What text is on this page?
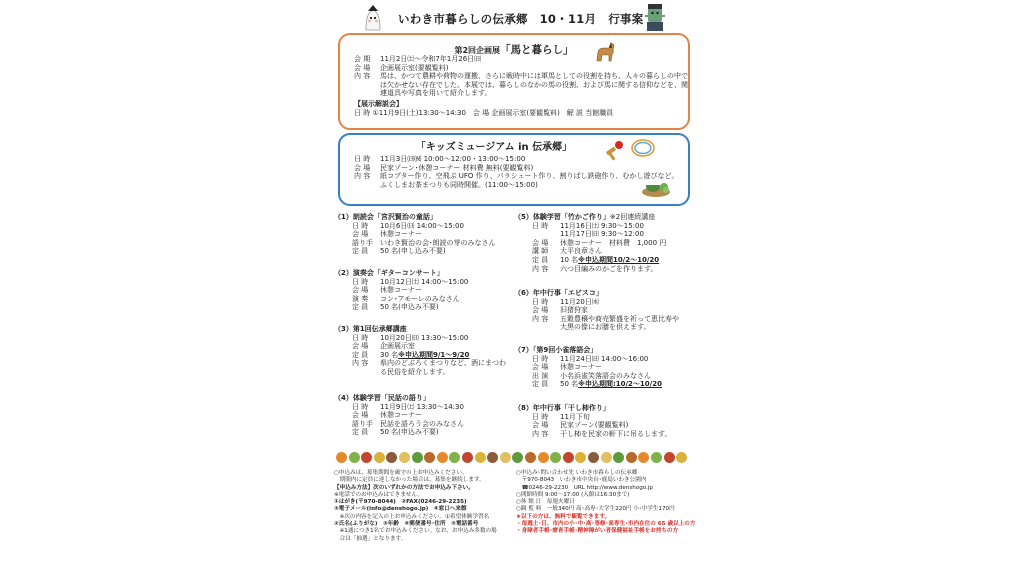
いわき市暮らしの伝承郷　10・11月　行事案
第2回企画展「馬と暮らし」
会 期 11月2日㈯～令和7年1月26日㈰
会 場 企画展示室(要観覧料)
内 容 馬は、かつて農耕や荷物の運搬、さらに戦時中には軍馬としての役割を持ち、人々の暮らしの中で
は欠かせない存在でした。本展では、暮らしのなかの馬の役割、および馬に関する信仰などを、関
連道具や写真を用いて紹介します。
【展示解説会】
日 時 ①11月9日(土)13:30～14:30　会 場 企画展示室(要観覧料)　解 説 当館職員
「キッズミュージアム in 伝承郷」
日 時 11月3日㈰㈷ 10:00～12:00・13:00～15:00
会 場 民家ゾーン･休憩コーナー 材料費 無料(要観覧料)
内 容 紙コプター作り、空飛ぶ UFO 作り、パラシュート作り、割りばし鉄砲作り、むかし遊びなど。
ふくしまお茶まつりも同時開催。(11:00～15:00)
（1）朗読会「宮沢賢治の童話」
日 時 10月6日㈰ 14:00～15:00
会 場 休憩コーナー
語り手 いわき賢治の会･朗読の芽のみなさん
定 員 50 名(申し込み不要)
（2）演奏会「ギターコンサート」
日 時 10月12日㈯ 14:00～15:00
会 場 休憩コーナー
演 奏 コン･アモーレのみなさん
定 員 50 名(申込み不要)
（3）第1回伝承郷講座
日 時 10月20日㈰ 13:30～15:00
会 場 企画展示室
定 員 30 名※申込期間9/1～9/20
内 容 県内のどぶろくまつりなど、酒にまつわ
る民俗を紹介します。
（4）体験学習「民話の語り」
日 時 11月9日㈯ 13:30～14:30
会 場 休憩コーナー
語り手 民話を語ろう会のみなさん
定 員 50 名(申込み不要)
（5）体験学習「竹かご作り」※2回連続講座
日 時 11月16日㈯ 9:30～15:00
11月17日㈰ 9:30～12:00
会 場 休憩コーナー　材料費　1,000 円
講 師 大平良章さん
定 員 10 名※申込期間10/2～10/20
内 容 六つ目編みのかごを作ります。
（6）年中行事「エビスコ」
日 時 11月20日㈬
会 場 旧猪狩家
内 容 五穀豊穣や商売繁盛を祈って恵比寿や
大黒の像にお膳を供えます。
（7）「第9回小雀落語会」
日 時 11月24日㈰ 14:00～16:00
会 場 休憩コーナー
出 演 小名浜雀笑落語会のみなさん
定 員 50 名※申込期間:10/2～10/20
（8）年中行事「干し柿作り」
日 時 11月下旬
会 場 民家ゾーン(要観覧料)
内 容 干し柿を民家の軒下に吊るします。
○申込みは、募集期間を厳守の上お申込みください。
　期間内に定員に達しなかった場合は、募集を継続します。
【申込み方法】次のいずれかの方法でお申込み下さい。
※電話でのお申込みはできません。
①はがき(〒970-8044)　②FAX(0246-29-2235)
③電子メール(info@denshogo.jp)　④窓口へ来館
　※次の内容を記入の上お申込みください。①希望体験学習名
②氏名(ふりがな)　③年齢　④郵便番号･住所　⑤電話番号
　※1通につき1名でお申込みください。なお、お申込み多数の場
　合は「抽選」となります。
○申込み･問い合わせ先 いわき市暮らしの伝承郷
　〒970-8043　いわき市中央台･鹿島いわき公園内
　☎0246-29-2230　URL http://www.denshogo.jp
○開館時間 9:00～17:00 (入館は16:30まで)
○休 館 日　毎週火曜日
○観 覧 料　一般340円 高･高専･大学生220円 小･中学生170円
★以下の方は、無料で観覧できます。
・毎週土･日、市内の小･中･高･専修･高専生･市内在住の 65 歳以上の方
・身障者手帳･療育手帳･精神障がい者保健福祉手帳をお持ちの方
